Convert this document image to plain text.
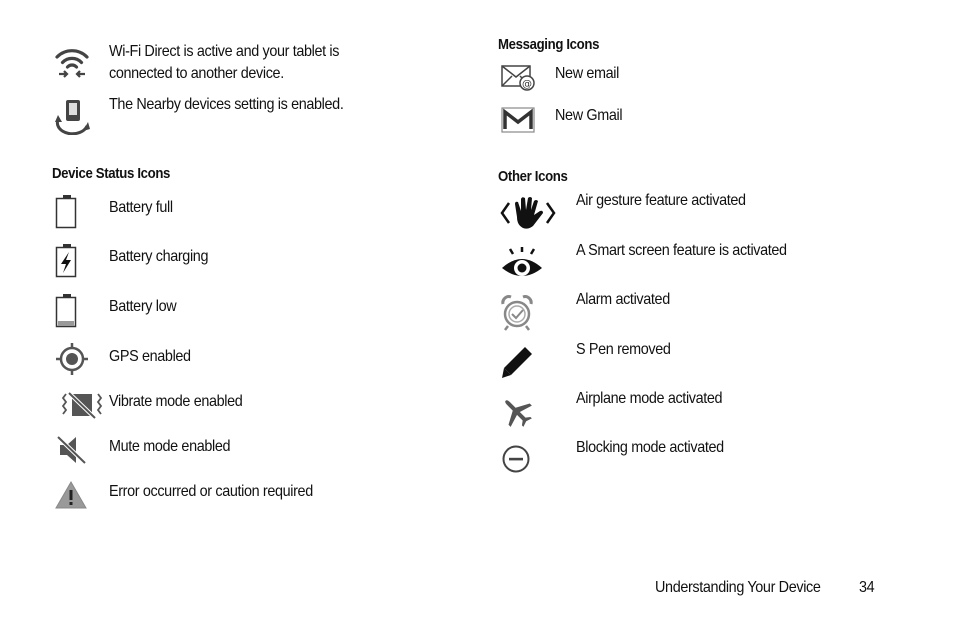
Wi-Fi Direct is active and your tablet is
connected to another device.
The Nearby devices setting is enabled.
Device Status Icons
Battery full
Battery charging
Battery low
GPS enabled
Vibrate mode enabled
Mute mode enabled
Error occurred or caution required
Messaging Icons
@
New email
New Gmail
Other Icons
Air gesture feature activated
A Smart screen feature is activated
Alarm activated
S Pen removed
Airplane mode activated
Blocking mode activated
Understanding Your Device 34
